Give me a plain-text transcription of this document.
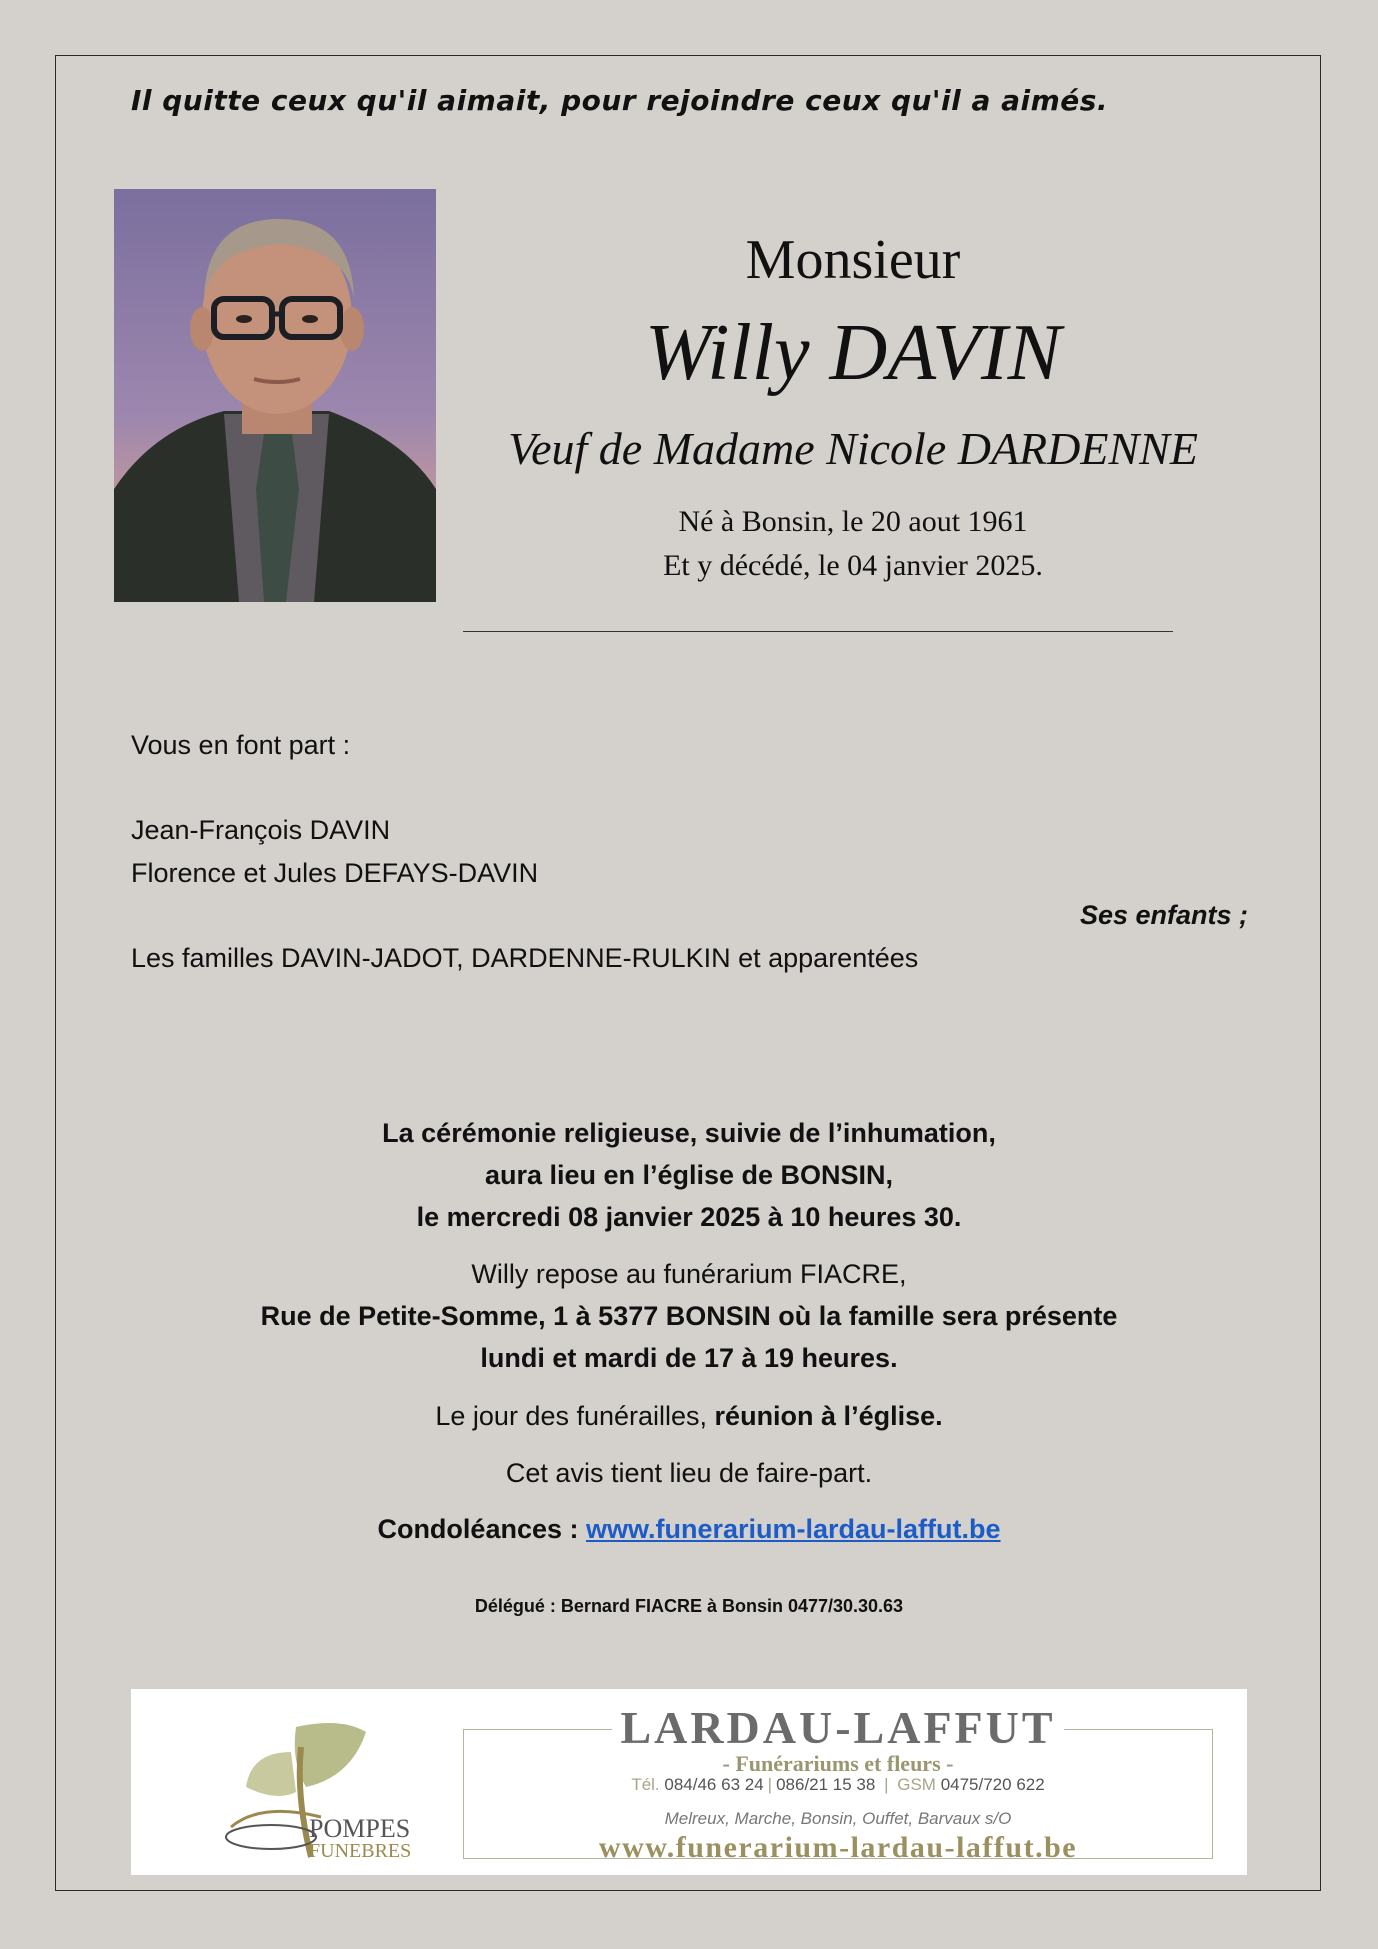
Il quitte ceux qu'il aimait, pour rejoindre ceux qu'il a aimés.
Monsieur
Willy DAVIN
Veuf de Madame Nicole DARDENNE
Né à Bonsin, le 20 aout 1961
Et y décédé, le 04 janvier 2025.
Vous en font part :
Jean-François DAVIN
Florence et Jules DEFAYS-DAVIN
Ses enfants ;
Les familles DAVIN-JADOT, DARDENNE-RULKIN et apparentées
La cérémonie religieuse, suivie de l’inhumation,
aura lieu en l’église de BONSIN,
le mercredi 08 janvier 2025 à 10 heures 30.
Willy repose au funérarium FIACRE,
Rue de Petite-Somme, 1 à 5377 BONSIN où la famille sera présente
lundi et mardi de 17 à 19 heures.
Le jour des funérailles, réunion à l’église.
Cet avis tient lieu de faire-part.
Condoléances : www.funerarium-lardau-laffut.be
Délégué : Bernard FIACRE à Bonsin 0477/30.30.63
POMPES
FUNEBRES
LARDAU-LAFFUT
- Funérariums et fleurs -
Tél. 084/46 63 24 | 086/21 15 38 | GSM 0475/720 622
Melreux, Marche, Bonsin, Ouffet, Barvaux s/O
www.funerarium-lardau-laffut.be
